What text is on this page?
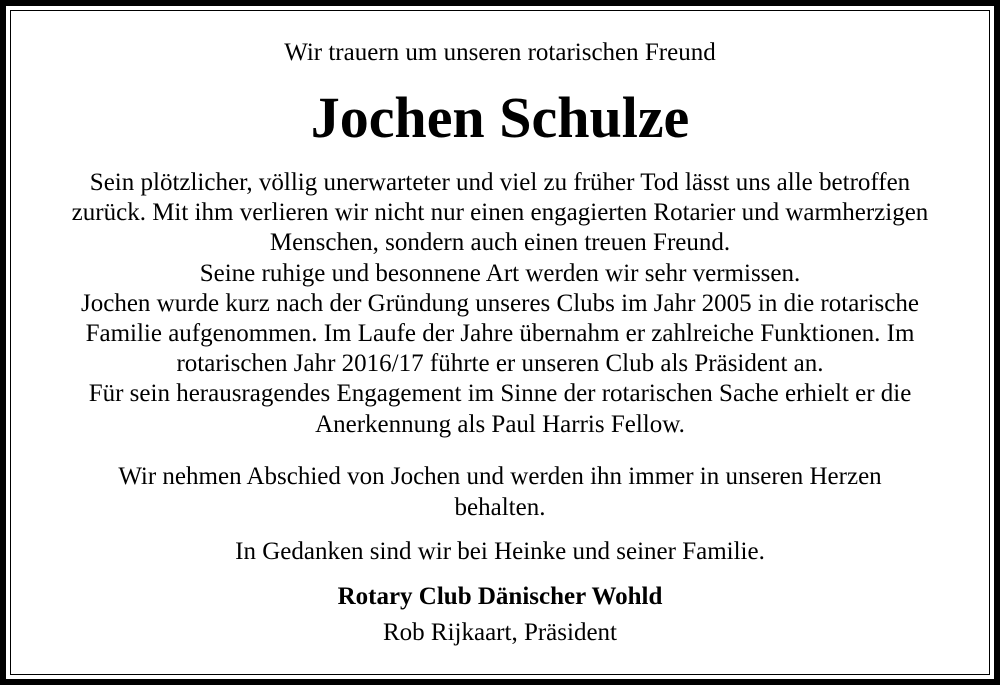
Wir trauern um unseren rotarischen Freund
Jochen Schulze
Sein plötzlicher, völlig unerwarteter und viel zu früher Tod lässt uns alle betroffen
zurück. Mit ihm verlieren wir nicht nur einen engagierten Rotarier und warmherzigen
Menschen, sondern auch einen treuen Freund.
Seine ruhige und besonnene Art werden wir sehr vermissen.
Jochen wurde kurz nach der Gründung unseres Clubs im Jahr 2005 in die rotarische
Familie aufgenommen. Im Laufe der Jahre übernahm er zahlreiche Funktionen. Im
rotarischen Jahr 2016/17 führte er unseren Club als Präsident an.
Für sein herausragendes Engagement im Sinne der rotarischen Sache erhielt er die
Anerkennung als Paul Harris Fellow.
Wir nehmen Abschied von Jochen und werden ihn immer in unseren Herzen
behalten.
In Gedanken sind wir bei Heinke und seiner Familie.
Rotary Club Dänischer Wohld
Rob Rijkaart, Präsident
